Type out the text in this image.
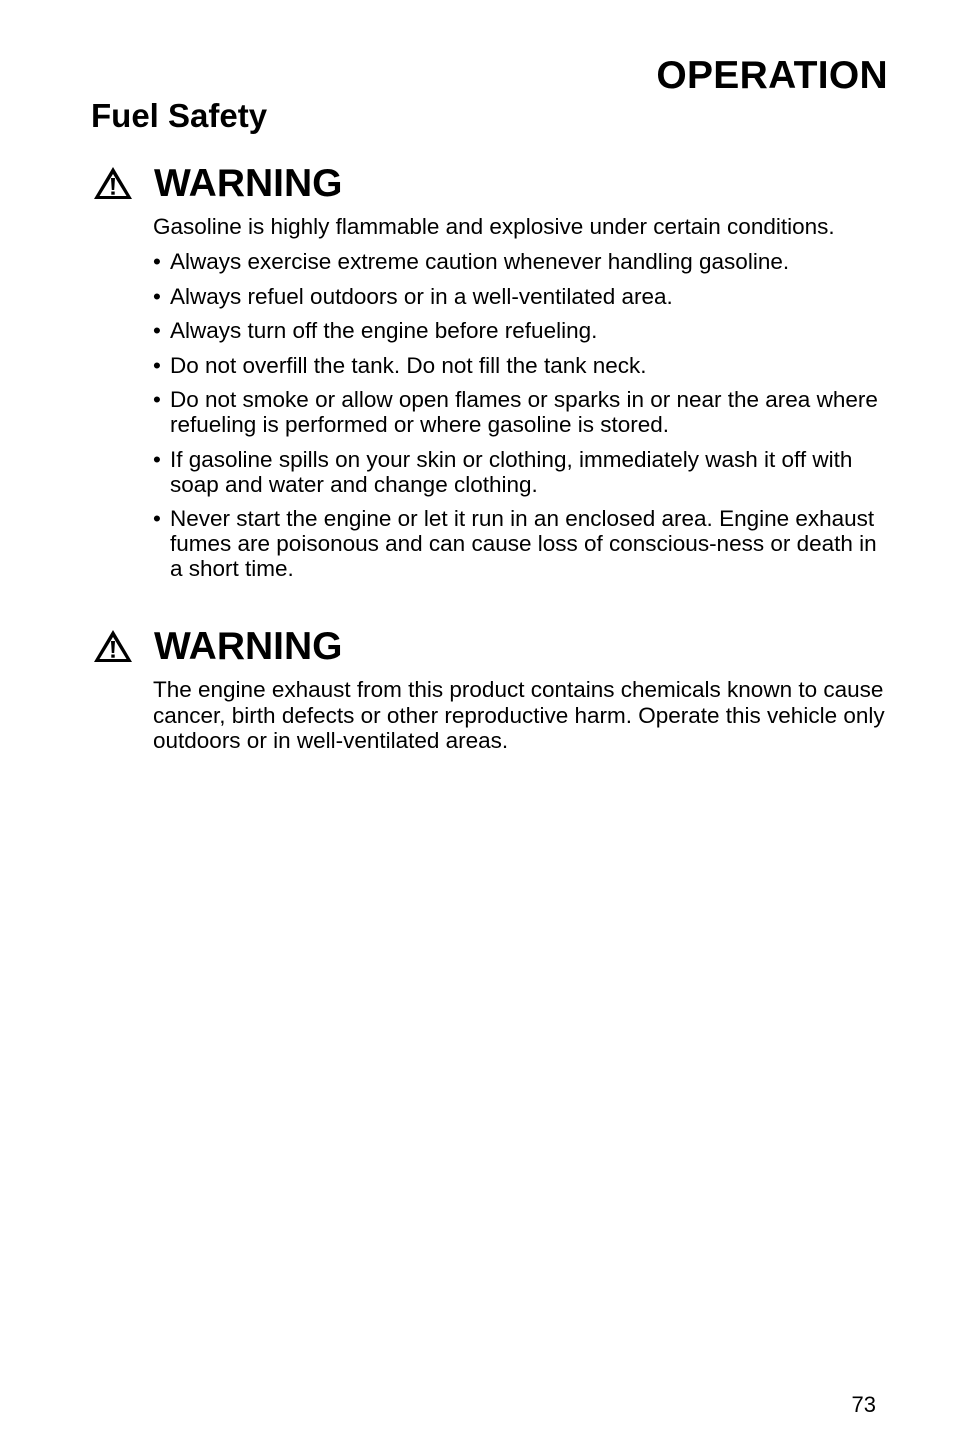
OPERATION
Fuel Safety
WARNING

Gasoline is highly flammable and explosive under certain conditions.

• Always exercise extreme caution whenever handling gasoline.
• Always refuel outdoors or in a well-ventilated area.
• Always turn off the engine before refueling.
• Do not overfill the tank. Do not fill the tank neck.
• Do not smoke or allow open flames or sparks in or near the area where refueling is performed or where gasoline is stored.
• If gasoline spills on your skin or clothing, immediately wash it off with soap and water and change clothing.
• Never start the engine or let it run in an enclosed area. Engine exhaust fumes are poisonous and can cause loss of conscious-ness or death in a short time.
WARNING

The engine exhaust from this product contains chemicals known to cause cancer, birth defects or other reproductive harm. Operate this vehicle only outdoors or in well-ventilated areas.

73
